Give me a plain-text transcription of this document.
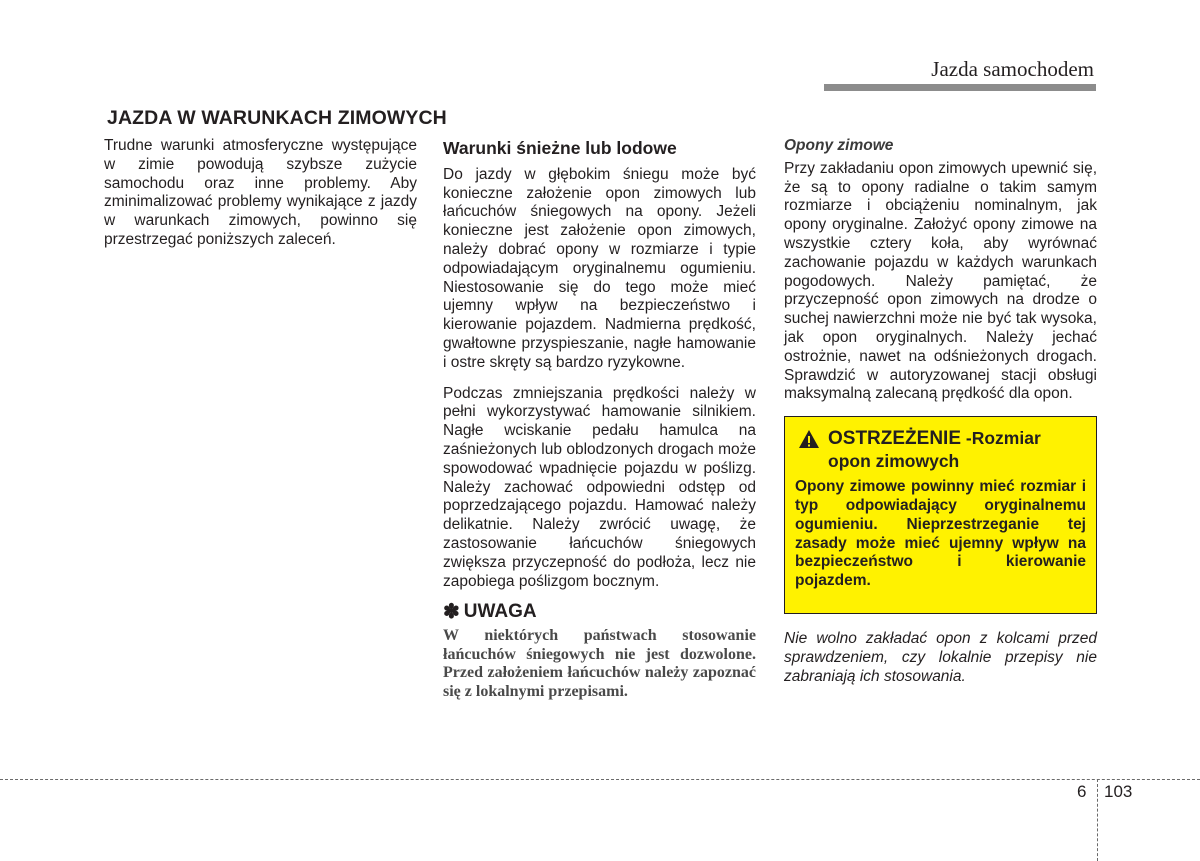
Jazda samochodem
JAZDA W WARUNKACH ZIMOWYCH

Trudne warunki atmosferyczne występujące w zimie powodują szybsze zużycie samochodu oraz inne problemy. Aby zminimalizować problemy wynikające z jazdy w warunkach zimowych, powinno się przestrzegać poniższych zaleceń.

Warunki śnieżne lub lodowe

Do jazdy w głębokim śniegu może być konieczne założenie opon zimowych lub łańcuchów śniegowych na opony. Jeżeli konieczne jest założenie opon zimowych, należy dobrać opony w rozmiarze i typie odpowiadającym oryginalnemu ogumieniu. Niestosowanie się do tego może mieć ujemny wpływ na bezpieczeństwo i kierowanie pojazdem. Nadmierna prędkość, gwałtowne przyspieszanie, nagłe hamowanie i ostre skręty są bardzo ryzykowne.

Podczas zmniejszania prędkości należy w pełni wykorzystywać hamowanie silnikiem. Nagłe wciskanie pedału hamulca na zaśnieżonych lub oblodzonych drogach może spowodować wpadnięcie pojazdu w poślizg. Należy zachować odpowiedni odstęp od poprzedzającego pojazdu. Hamować należy delikatnie. Należy zwrócić uwagę, że zastosowanie łańcuchów śniegowych zwiększa przyczepność do podłoża, lecz nie zapobiega poślizgom bocznym.

✽ UWAGA

W niektórych państwach stosowanie łańcuchów śniegowych nie jest dozwolone. Przed założeniem łańcuchów należy zapoznać się z lokalnymi przepisami.

Opony zimowe

Przy zakładaniu opon zimowych upewnić się, że są to opony radialne o takim samym rozmiarze i obciążeniu nominalnym, jak opony oryginalne. Założyć opony zimowe na wszystkie cztery koła, aby wyrównać zachowanie pojazdu w każdych warunkach pogodowych. Należy pamiętać, że przyczepność opon zimowych na drodze o suchej nawierzchni może nie być tak wysoka, jak opon oryginalnych. Należy jechać ostrożnie, nawet na odśnieżonych drogach. Sprawdzić w autoryzowanej stacji obsługi maksymalną zalecaną prędkość dla opon.

OSTRZEŻENIE -Rozmiar opon zimowych

Opony zimowe powinny mieć rozmiar i typ odpowiadający oryginalnemu ogumieniu. Nieprzestrzeganie tej zasady może mieć ujemny wpływ na bezpieczeństwo i kierowanie pojazdem.

Nie wolno zakładać opon z kolcami przed sprawdzeniem, czy lokalnie przepisy nie zabraniają ich stosowania.

6 103
